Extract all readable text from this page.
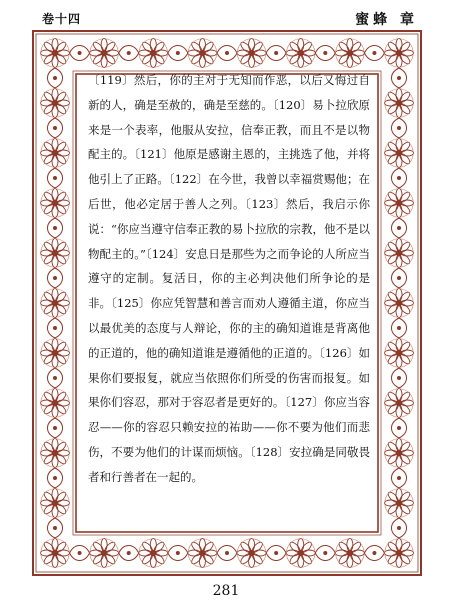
卷十四	蜜蜂 章

〔119〕然后，你的主对于无知而作恶，以后又悔过自新的人，确是至赦的，确是至慈的。〔120〕易卜拉欣原来是一个表率，他服从安拉，信奉正教，而且不是以物配主的。〔121〕他原是感谢主恩的，主挑选了他，并将他引上了正路。〔122〕在今世，我曾以幸福赏赐他；在后世，他必定居于善人之列。〔123〕然后，我启示你说：“你应当遵守信奉正教的易卜拉欣的宗教，他不是以物配主的。”〔124〕安息日是那些为之而争论的人所应当遵守的定制。复活日，你的主必判决他们所争论的是非。〔125〕你应凭智慧和善言而劝人遵循主道，你应当以最优美的态度与人辩论，你的主的确知道谁是背离他的正道的，他的确知道谁是遵循他的正道的。〔126〕如果你们要报复，就应当依照你们所受的伤害而报复。如果你们容忍，那对于容忍者是更好的。〔127〕你应当容忍——你的容忍只赖安拉的祐助——你不要为他们而悲伤，不要为他们的计谋而烦恼。〔128〕安拉确是同敬畏者和行善者在一起的。

281
